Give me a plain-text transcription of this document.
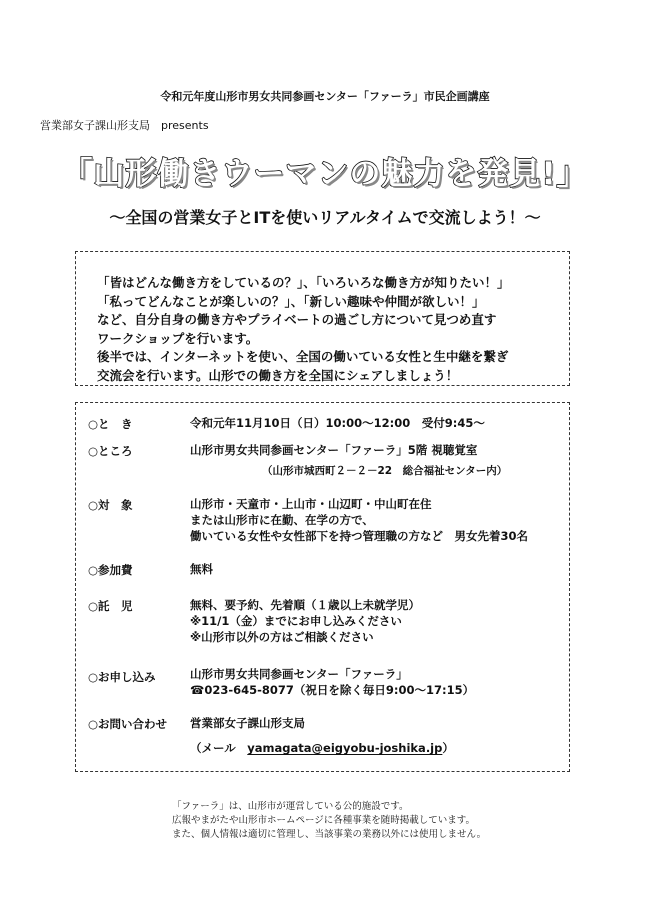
令和元年度山形市男女共同参画センター「ファーラ」市民企画講座
営業部女子課山形支局　presents
「山形働きウーマンの魅力を発見!」
～全国の営業女子とITを使いリアルタイムで交流しよう！～
「皆はどんな働き方をしているの？」、「いろいろな働き方が知りたい！」
「私ってどんなことが楽しいの？」、「新しい趣味や仲間が欲しい！」
など、自分自身の働き方やプライベートの過ごし方について見つめ直す
ワークショップを行います。
後半では、インターネットを使い、全国の働いている女性と生中継を繋ぎ
交流会を行います。山形での働き方を全国にシェアしましょう！
○と　き	令和元年11月10日（日）10:00～12:00　受付9:45～
○ところ	山形市男女共同参画センター「ファーラ」5階 視聴覚室
（山形市城西町２－２－22　総合福祉センター内）
○対　象	山形市・天童市・上山市・山辺町・中山町在住
または山形市に在勤、在学の方で、
働いている女性や女性部下を持つ管理職の方など　男女先着30名
○参加費	無料
○託　児	無料、要予約、先着順（１歳以上未就学児）
※11/1（金）までにお申し込みください
※山形市以外の方はご相談ください
○お申し込み	山形市男女共同参画センター「ファーラ」
☎023-645-8077（祝日を除く毎日9:00～17:15）
○お問い合わせ 営業部女子課山形支局
（メール　yamagata@eigyobu-joshika.jp）
「ファーラ」は、山形市が運営している公的施設です。
広報やまがたや山形市ホームページに各種事業を随時掲載しています。
また、個人情報は適切に管理し、当該事業の業務以外には使用しません。
